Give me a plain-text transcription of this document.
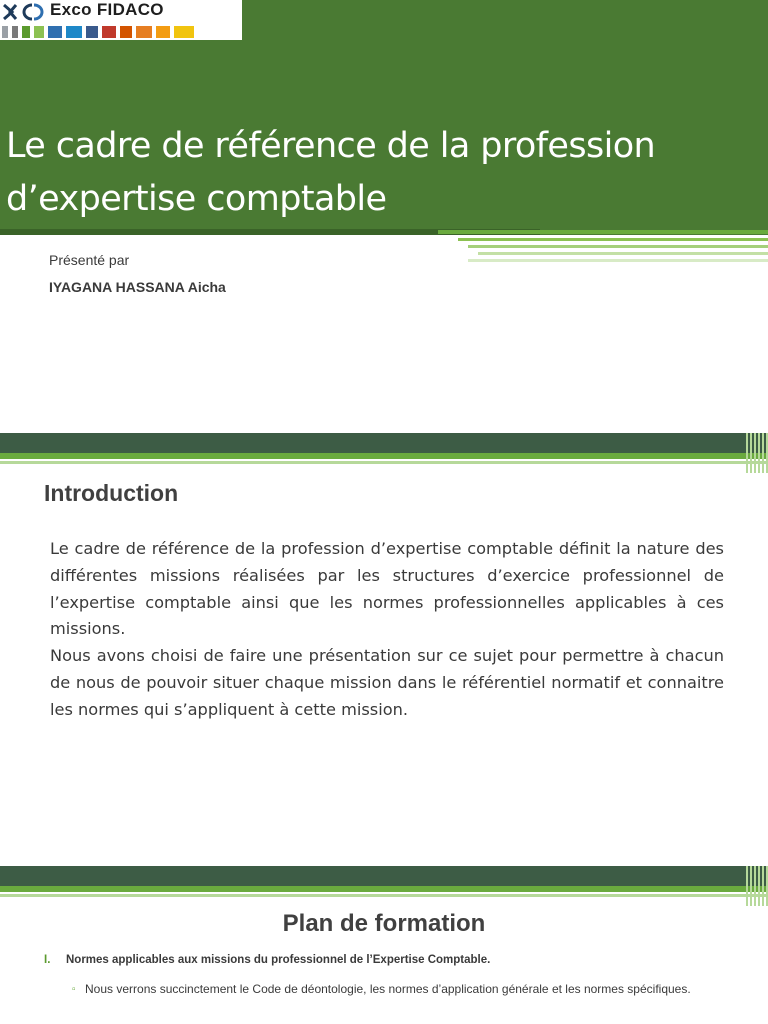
Exco FIDACO
Le cadre de référence de la profession d’expertise comptable
Présenté par
IYAGANA HASSANA Aicha
Introduction

Le cadre de référence de la profession d’expertise comptable définit la nature des différentes missions réalisées par les structures d’exercice professionnel de l’expertise comptable ainsi que les normes professionnelles applicables à ces missions.

Nous avons choisi de faire une présentation sur ce sujet pour permettre à chacun de nous de pouvoir situer chaque mission dans le référentiel normatif et connaitre les normes qui s’appliquent à cette mission.

Plan de formation
I. Normes applicables aux missions du professionnel de l’Expertise Comptable.
▫ Nous verrons succinctement le Code de déontologie, les normes d’application générale et les normes spécifiques.
